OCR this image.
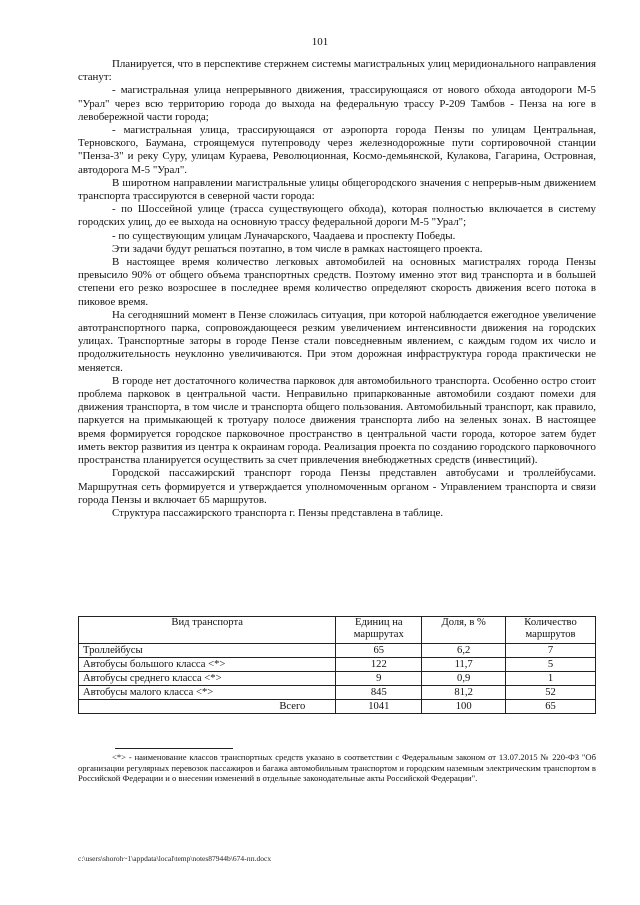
101

Планируется, что в перспективе стержнем системы магистральных улиц меридионального направления станут:

- магистральная улица непрерывного движения, трассирующаяся от нового обхода автодороги М-5 "Урал" через всю территорию города до выхода на федеральную трассу Р-209 Тамбов - Пенза на юге в левобережной части города;

- магистральная улица, трассирующаяся от аэропорта города Пензы по улицам Центральная, Терновского, Баумана, строящемуся путепроводу через железнодорожные пути сортировочной станции "Пенза-3" и реку Суру, улицам Кураева, Революционная, Космо-демьянской, Кулакова, Гагарина, Островная, автодорога М-5 "Урал".

В широтном направлении магистральные улицы общегородского значения с непрерыв-ным движением транспорта трассируются в северной части города:

- по Шоссейной улице (трасса существующего обхода), которая полностью включается в систему городских улиц, до ее выхода на основную трассу федеральной дороги М-5 "Урал";

- по существующим улицам Луначарского, Чаадаева и проспекту Победы.

Эти задачи будут решаться поэтапно, в том числе в рамках настоящего проекта.

В настоящее время количество легковых автомобилей на основных магистралях города Пензы превысило 90% от общего объема транспортных средств. Поэтому именно этот вид транспорта и в большей степени его резко возросшее в последнее время количество определяют скорость движения всего потока в пиковое время.

На сегодняшний момент в Пензе сложилась ситуация, при которой наблюдается ежегодное увеличение автотранспортного парка, сопровождающееся резким увеличением интенсивности движения на городских улицах. Транспортные заторы в городе Пензе стали повседневным явлением, с каждым годом их число и продолжительность неуклонно увеличиваются. При этом дорожная инфраструктура города практически не меняется.

В городе нет достаточного количества парковок для автомобильного транспорта. Особенно остро стоит проблема парковок в центральной части. Неправильно припаркованные автомобили создают помехи для движения транспорта, в том числе и транспорта общего пользования. Автомобильный транспорт, как правило, паркуется на примыкающей к тротуару полосе движения транспорта либо на зеленых зонах. В настоящее время формируется городское парковочное пространство в центральной части города, которое затем будет иметь вектор развития из центра к окраинам города. Реализация проекта по созданию городского парковочного пространства планируется осуществить за счет привлечения внебюджетных средств (инвестиций).

Городской пассажирский транспорт города Пензы представлен автобусами и троллейбусами. Маршрутная сеть формируется и утверждается уполномоченным органом - Управлением транспорта и связи города Пензы и включает 65 маршрутов.

Структура пассажирского транспорта г. Пензы представлена в таблице.

Вид транспорта	Единиц на маршрутах	Доля, в %	Количество маршрутов
Троллейбусы	65	6,2	7
Автобусы большого класса <*>	122	11,7	5
Автобусы среднего класса <*>	9	0,9	1
Автобусы малого класса <*>	845	81,2	52
Всего	1041	100	65
<*> - наименование классов транспортных средств указано в соответствии с Федеральным законом от 13.07.2015 № 220-ФЗ "Об организации регулярных перевозок пассажиров и багажа автомобильным транспортом и городским наземным электрическим транспортом в Российской Федерации и о внесении изменений в отдельные законодательные акты Российской Федерации".
c:\users\shoroh~1\appdata\local\temp\notes87944b\674-пп.docx
